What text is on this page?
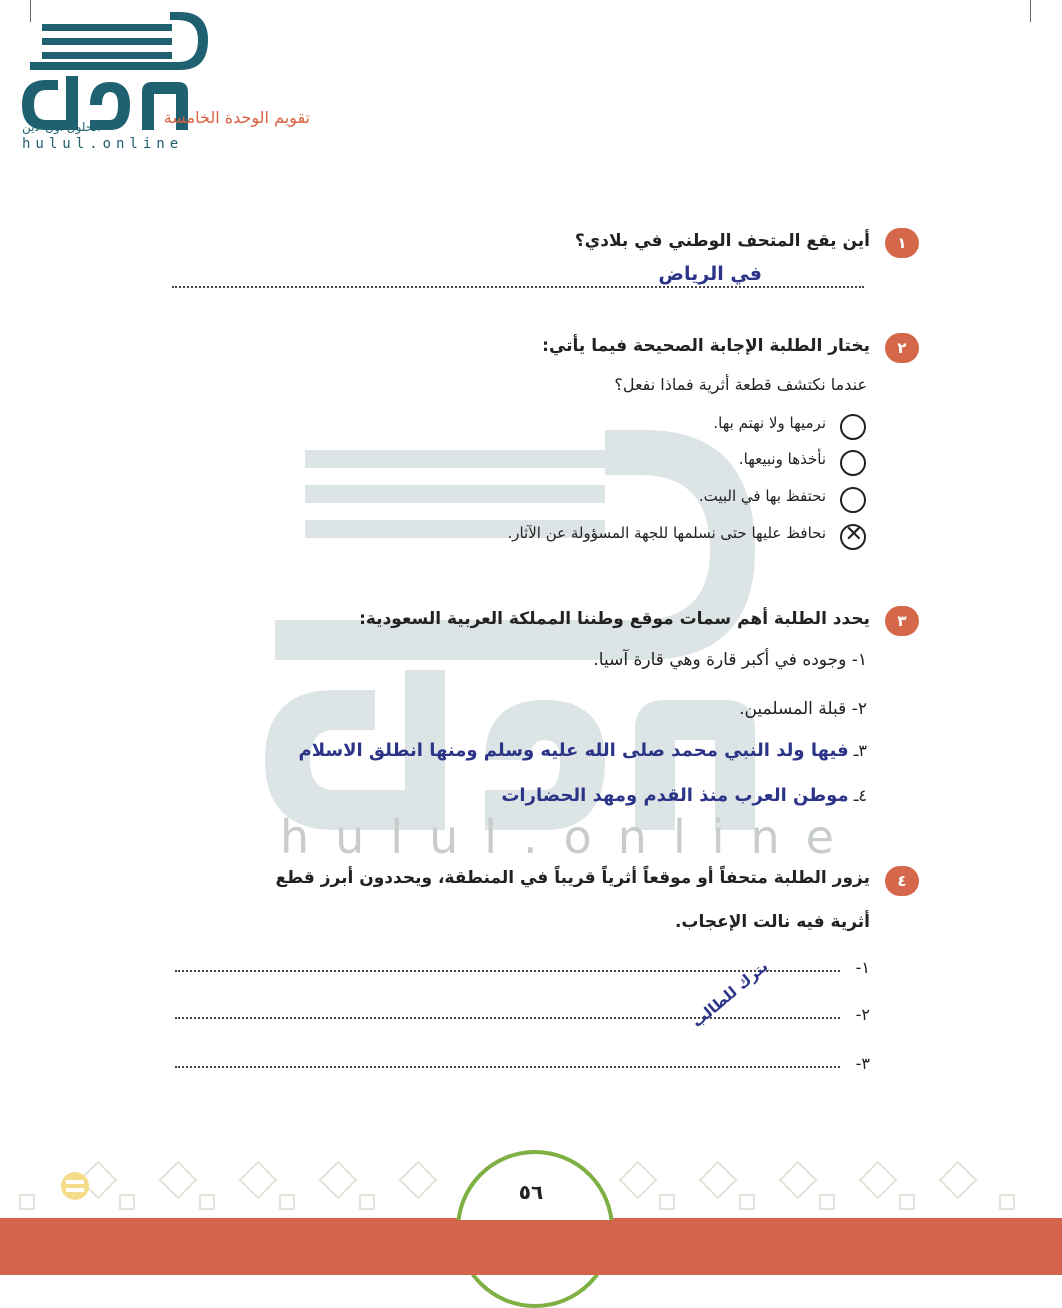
hulul.online
الحلول اون لاين
hulul.online
تقويم الوحدة الخامسة
١
أين يقع المتحف الوطني في بلادي؟
في الرياض
٢
يختار الطلبة الإجابة الصحيحة فيما يأتي:
عندما نكتشف قطعة أثرية فماذا نفعل؟
نرميها ولا نهتم بها.
نأخذها ونبيعها.
نحتفظ بها في البيت.
✕
نحافظ عليها حتى نسلمها للجهة المسؤولة عن الآثار.
٣
يحدد الطلبة أهم سمات موقع وطننا المملكة العربية السعودية:
١- وجوده في أكبر قارة وهي قارة آسيا.
٢- قبلة المسلمين.
٣ـ فيها ولد النبي محمد صلى الله عليه وسلم ومنها انطلق الاسلام
٤ـ موطن العرب منذ القدم ومهد الحضارات
٤
يزور الطلبة متحفاً أو موقعاً أثرياً قريباً في المنطقة، ويحددون أبرز قطع
أثرية فيه نالت الإعجاب.
١-
٢-
٣-
يترك للطالب
٥٦
